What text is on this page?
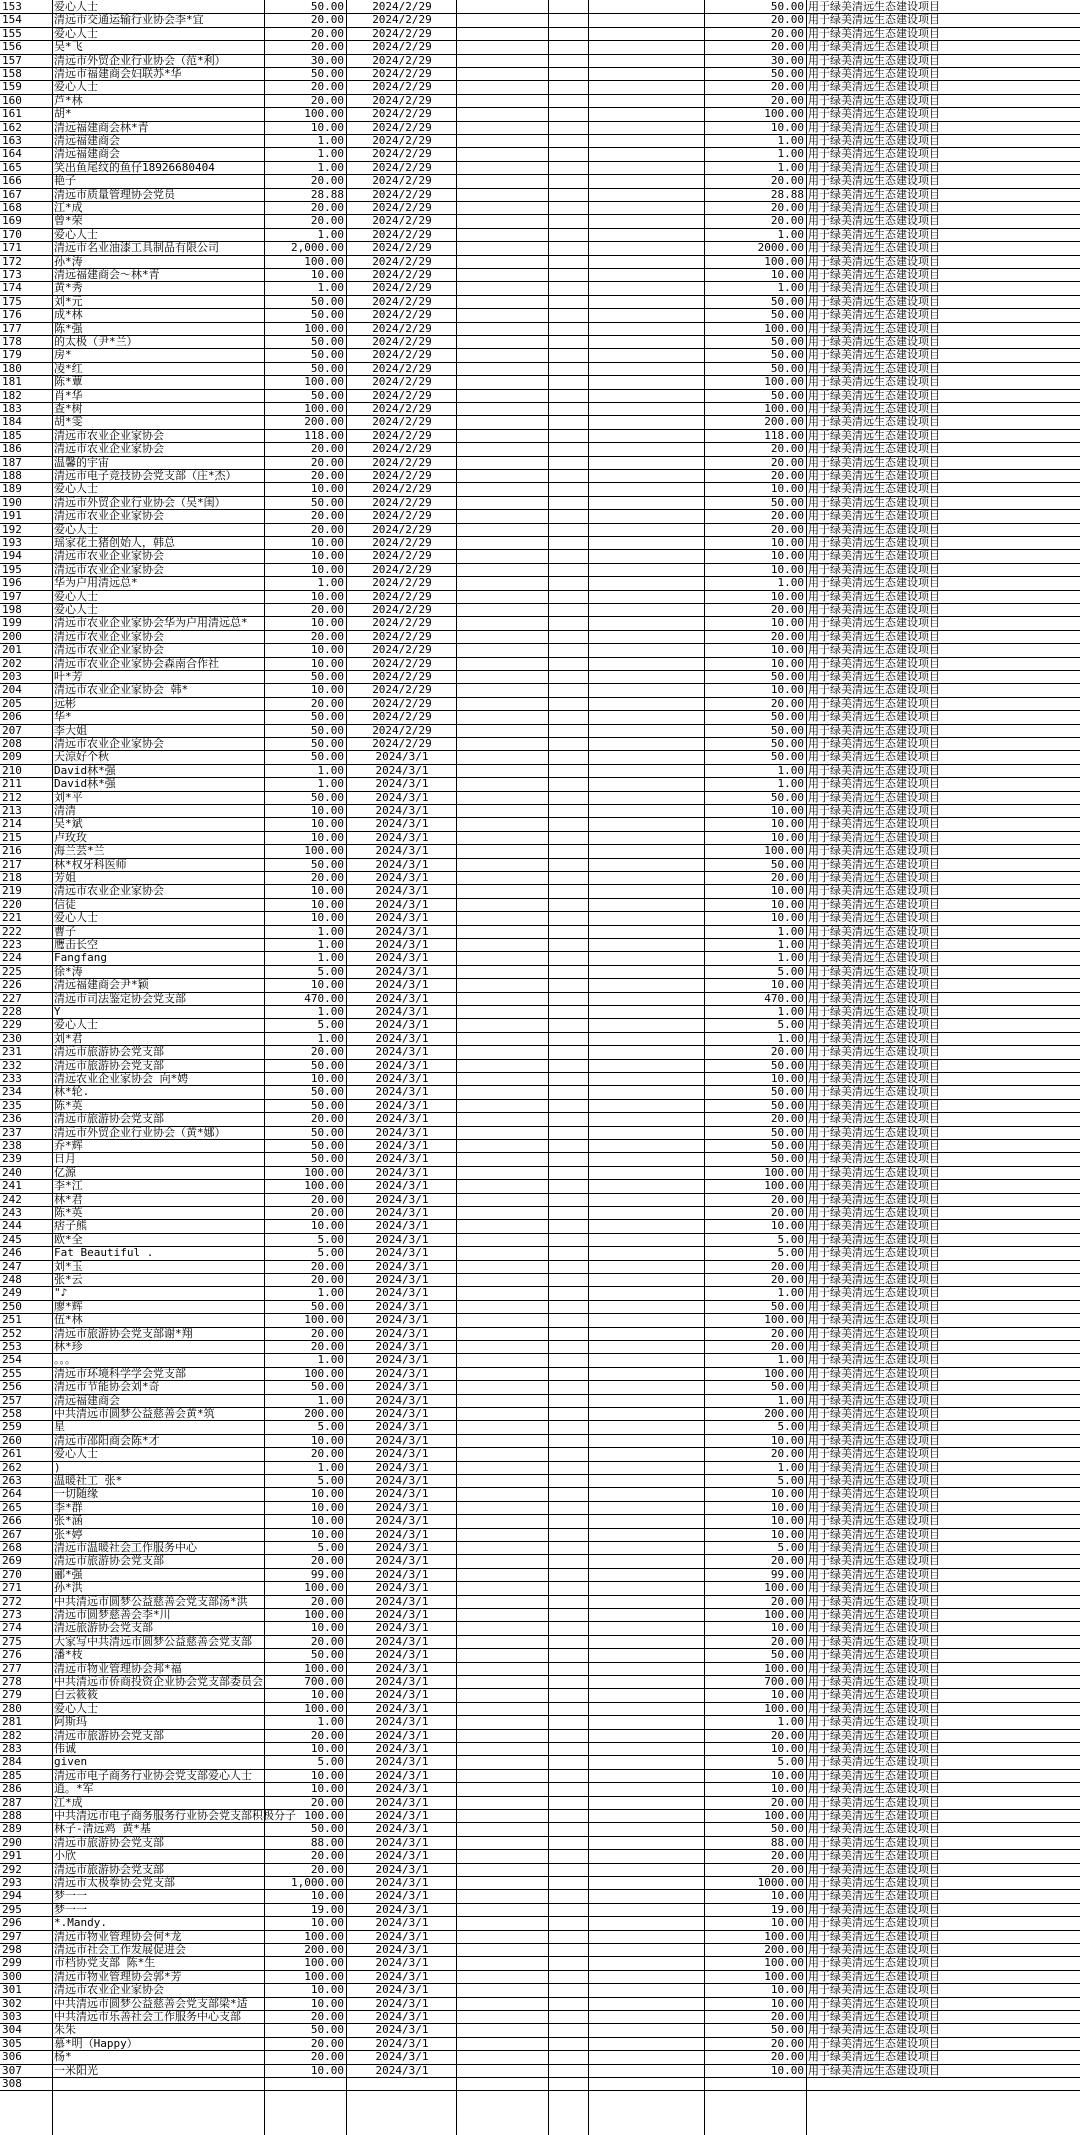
153	爱心人士	50.00	2024/2/29	50.00 用于绿美清远生态建设项目
154	清远市交通运输行业协会李*宜	20.00	2024/2/29	20.00 用于绿美清远生态建设项目
155	爱心人士	20.00	2024/2/29	20.00 用于绿美清远生态建设项目
156	吴*飞	20.00	2024/2/29	20.00 用于绿美清远生态建设项目
157	清远市外贸企业行业协会（范*利）	30.00	2024/2/29	30.00 用于绿美清远生态建设项目
158	清远市福建商会妇联苏*华	50.00	2024/2/29	50.00 用于绿美清远生态建设项目
159	爱心人士	20.00	2024/2/29	20.00 用于绿美清远生态建设项目
160	芦*林	20.00	2024/2/29	20.00 用于绿美清远生态建设项目
161	胡*	100.00	2024/2/29	100.00 用于绿美清远生态建设项目
162	清远福建商会林*青	10.00	2024/2/29	10.00 用于绿美清远生态建设项目
163	清远福建商会	1.00	2024/2/29	1.00 用于绿美清远生态建设项目
164	清远福建商会	1.00	2024/2/29	1.00 用于绿美清远生态建设项目
165	笑出鱼尾纹的鱼仔18926680404	1.00	2024/2/29	1.00 用于绿美清远生态建设项目
166	艳子	20.00	2024/2/29	20.00 用于绿美清远生态建设项目
167	清远市质量管理协会党员	28.88	2024/2/29	28.88 用于绿美清远生态建设项目
168	江*成	20.00	2024/2/29	20.00 用于绿美清远生态建设项目
169	曾*荣	20.00	2024/2/29	20.00 用于绿美清远生态建设项目
170	爱心人士	1.00	2024/2/29	1.00 用于绿美清远生态建设项目
171	清远市名业油漆工具制品有限公司	2,000.00	2024/2/29	2000.00 用于绿美清远生态建设项目
172	孙*涛	100.00	2024/2/29	100.00 用于绿美清远生态建设项目
173	清远福建商会～林*青	10.00	2024/2/29	10.00 用于绿美清远生态建设项目
174	黄*秀	1.00	2024/2/29	1.00 用于绿美清远生态建设项目
175	刘*元	50.00	2024/2/29	50.00 用于绿美清远生态建设项目
176	成*林	50.00	2024/2/29	50.00 用于绿美清远生态建设项目
177	陈*强	100.00	2024/2/29	100.00 用于绿美清远生态建设项目
178	的太极（尹*兰）	50.00	2024/2/29	50.00 用于绿美清远生态建设项目
179	房*	50.00	2024/2/29	50.00 用于绿美清远生态建设项目
180	凌*红	50.00	2024/2/29	50.00 用于绿美清远生态建设项目
181	陈*蕈	100.00	2024/2/29	100.00 用于绿美清远生态建设项目
182	肖*华	50.00	2024/2/29	50.00 用于绿美清远生态建设项目
183	查*树	100.00	2024/2/29	100.00 用于绿美清远生态建设项目
184	胡*雯	200.00	2024/2/29	200.00 用于绿美清远生态建设项目
185	清远市农业企业家协会	118.00	2024/2/29	118.00 用于绿美清远生态建设项目
186	清远市农业企业家协会	20.00	2024/2/29	20.00 用于绿美清远生态建设项目
187	温馨的宇宙	20.00	2024/2/29	20.00 用于绿美清远生态建设项目
188	清远市电子竞技协会党支部（庄*杰）	20.00	2024/2/29	20.00 用于绿美清远生态建设项目
189	爱心人士	10.00	2024/2/29	10.00 用于绿美清远生态建设项目
190	清远市外贸企业行业协会（吴*闺）	50.00	2024/2/29	50.00 用于绿美清远生态建设项目
191	清远市农业企业家协会	20.00	2024/2/29	20.00 用于绿美清远生态建设项目
192	爱心人士	20.00	2024/2/29	20.00 用于绿美清远生态建设项目
193	瑶家花土猪创始人，韩总	10.00	2024/2/29	10.00 用于绿美清远生态建设项目
194	清远市农业企业家协会	10.00	2024/2/29	10.00 用于绿美清远生态建设项目
195	清远市农业企业家协会	10.00	2024/2/29	10.00 用于绿美清远生态建设项目
196	华为户用清远总*	1.00	2024/2/29	1.00 用于绿美清远生态建设项目
197	爱心人士	10.00	2024/2/29	10.00 用于绿美清远生态建设项目
198	爱心人士	20.00	2024/2/29	20.00 用于绿美清远生态建设项目
199	清远市农业企业家协会华为户用清远总*	10.00	2024/2/29	10.00 用于绿美清远生态建设项目
200	清远市农业企业家协会	20.00	2024/2/29	20.00 用于绿美清远生态建设项目
201	清远市农业企业家协会	10.00	2024/2/29	10.00 用于绿美清远生态建设项目
202	清远市农业企业家协会森南合作社	10.00	2024/2/29	10.00 用于绿美清远生态建设项目
203	叶*芳	50.00	2024/2/29	50.00 用于绿美清远生态建设项目
204	清远市农业企业家协会 韩*	10.00	2024/2/29	10.00 用于绿美清远生态建设项目
205	远彬	20.00	2024/2/29	20.00 用于绿美清远生态建设项目
206	华*	50.00	2024/2/29	50.00 用于绿美清远生态建设项目
207	李大姐	50.00	2024/2/29	50.00 用于绿美清远生态建设项目
208	清远市农业企业家协会	50.00	2024/2/29	50.00 用于绿美清远生态建设项目
209	天涼好个秋	50.00	2024/3/1	50.00 用于绿美清远生态建设项目
210	David林*强	1.00	2024/3/1	1.00 用于绿美清远生态建设项目
211	David林*强	1.00	2024/3/1	1.00 用于绿美清远生态建设项目
212	刘*平	50.00	2024/3/1	50.00 用于绿美清远生态建设项目
213	清清	10.00	2024/3/1	10.00 用于绿美清远生态建设项目
214	吴*斌	10.00	2024/3/1	10.00 用于绿美清远生态建设项目
215	卢玫玫	10.00	2024/3/1	10.00 用于绿美清远生态建设项目
216	海兰芸*兰	100.00	2024/3/1	100.00 用于绿美清远生态建设项目
217	林*权牙科医师	50.00	2024/3/1	50.00 用于绿美清远生态建设项目
218	芳姐	20.00	2024/3/1	20.00 用于绿美清远生态建设项目
219	清远市农业企业家协会	10.00	2024/3/1	10.00 用于绿美清远生态建设项目
220	信徒	10.00	2024/3/1	10.00 用于绿美清远生态建设项目
221	爱心人士	10.00	2024/3/1	10.00 用于绿美清远生态建设项目
222	曹子	1.00	2024/3/1	1.00 用于绿美清远生态建设项目
223	鹰击长空	1.00	2024/3/1	1.00 用于绿美清远生态建设项目
224	Fangfang	1.00	2024/3/1	1.00 用于绿美清远生态建设项目
225	徐*涛	5.00	2024/3/1	5.00 用于绿美清远生态建设项目
226	清远福建商会尹*颖	10.00	2024/3/1	10.00 用于绿美清远生态建设项目
227	清远市司法鉴定协会党支部	470.00	2024/3/1	470.00 用于绿美清远生态建设项目
228	Y	1.00	2024/3/1	1.00 用于绿美清远生态建设项目
229	爱心人士	5.00	2024/3/1	5.00 用于绿美清远生态建设项目
230	刘*君	1.00	2024/3/1	1.00 用于绿美清远生态建设项目
231	清远市旅游协会党支部	20.00	2024/3/1	20.00 用于绿美清远生态建设项目
232	清远市旅游协会党支部	50.00	2024/3/1	50.00 用于绿美清远生态建设项目
233	清远农业企业家协会 向*娉	10.00	2024/3/1	10.00 用于绿美清远生态建设项目
234	林*轮.	50.00	2024/3/1	50.00 用于绿美清远生态建设项目
235	陈*英	50.00	2024/3/1	50.00 用于绿美清远生态建设项目
236	清远市旅游协会党支部	20.00	2024/3/1	20.00 用于绿美清远生态建设项目
237	清远市外贸企业行业协会（黄*娜）	50.00	2024/3/1	50.00 用于绿美清远生态建设项目
238	乔*辉	50.00	2024/3/1	50.00 用于绿美清远生态建设项目
239	日月	50.00	2024/3/1	50.00 用于绿美清远生态建设项目
240	亿源	100.00	2024/3/1	100.00 用于绿美清远生态建设项目
241	李*江	100.00	2024/3/1	100.00 用于绿美清远生态建设项目
242	林*君	20.00	2024/3/1	20.00 用于绿美清远生态建设项目
243	陈*英	20.00	2024/3/1	20.00 用于绿美清远生态建设项目
244	痞子熊	10.00	2024/3/1	10.00 用于绿美清远生态建设项目
245	欧*全	5.00	2024/3/1	5.00 用于绿美清远生态建设项目
246	Fat Beautiful .	5.00	2024/3/1	5.00 用于绿美清远生态建设项目
247	刘*玉	20.00	2024/3/1	20.00 用于绿美清远生态建设项目
248	张*云	20.00	2024/3/1	20.00 用于绿美清远生态建设项目
249	"♪	1.00	2024/3/1	1.00 用于绿美清远生态建设项目
250	廖*辉	50.00	2024/3/1	50.00 用于绿美清远生态建设项目
251	伍*林	100.00	2024/3/1	100.00 用于绿美清远生态建设项目
252	清远市旅游协会党支部谢*翔	20.00	2024/3/1	20.00 用于绿美清远生态建设项目
253	林*珍	20.00	2024/3/1	20.00 用于绿美清远生态建设项目
254	。。。	1.00	2024/3/1	1.00 用于绿美清远生态建设项目
255	清远市环境科学学会党支部	100.00	2024/3/1	100.00 用于绿美清远生态建设项目
256	清远市节能协会刘*奇	50.00	2024/3/1	50.00 用于绿美清远生态建设项目
257	清远福建商会	1.00	2024/3/1	1.00 用于绿美清远生态建设项目
258	中共清远市圆梦公益慈善会黄*筑	200.00	2024/3/1	200.00 用于绿美清远生态建设项目
259	星	5.00	2024/3/1	5.00 用于绿美清远生态建设项目
260	清远市邵阳商会陈*才	10.00	2024/3/1	10.00 用于绿美清远生态建设项目
261	爱心人士	20.00	2024/3/1	20.00 用于绿美清远生态建设项目
262	)	1.00	2024/3/1	1.00 用于绿美清远生态建设项目
263	温暖社工 张*	5.00	2024/3/1	5.00 用于绿美清远生态建设项目
264	一切随缘	10.00	2024/3/1	10.00 用于绿美清远生态建设项目
265	李*群	10.00	2024/3/1	10.00 用于绿美清远生态建设项目
266	张*涵	10.00	2024/3/1	10.00 用于绿美清远生态建设项目
267	张*婷	10.00	2024/3/1	10.00 用于绿美清远生态建设项目
268	清远市温暖社会工作服务中心	5.00	2024/3/1	5.00 用于绿美清远生态建设项目
269	清远市旅游协会党支部	20.00	2024/3/1	20.00 用于绿美清远生态建设项目
270	郦*强	99.00	2024/3/1	99.00 用于绿美清远生态建设项目
271	孙*洪	100.00	2024/3/1	100.00 用于绿美清远生态建设项目
272	中共清远市圆梦公益慈善会党支部汤*洪	20.00	2024/3/1	20.00 用于绿美清远生态建设项目
273	清远市圆梦慈善会李*川	100.00	2024/3/1	100.00 用于绿美清远生态建设项目
274	清远旅游协会党支部	10.00	2024/3/1	10.00 用于绿美清远生态建设项目
275	大家写中共清远市圆梦公益慈善会党支部	20.00	2024/3/1	20.00 用于绿美清远生态建设项目
276	潘*枝	50.00	2024/3/1	50.00 用于绿美清远生态建设项目
277	清远市物业管理协会邦*福	100.00	2024/3/1	100.00 用于绿美清远生态建设项目
278	中共清远市侨商投资企业协会党支部委员会	700.00	2024/3/1	700.00 用于绿美清远生态建设项目
279	白云筱筱	10.00	2024/3/1	10.00 用于绿美清远生态建设项目
280	爱心人士	100.00	2024/3/1	100.00 用于绿美清远生态建设项目
281	阿斯玛	1.00	2024/3/1	1.00 用于绿美清远生态建设项目
282	清远市旅游协会党支部	20.00	2024/3/1	20.00 用于绿美清远生态建设项目
283	伟诚	10.00	2024/3/1	10.00 用于绿美清远生态建设项目
284	given	5.00	2024/3/1	5.00 用于绿美清远生态建设项目
285	清远市电子商务行业协会党支部爱心人士	10.00	2024/3/1	10.00 用于绿美清远生态建设项目
286	逍。*军	10.00	2024/3/1	10.00 用于绿美清远生态建设项目
287	江*成	20.00	2024/3/1	20.00 用于绿美清远生态建设项目
288	中共清远市电子商务服务行业协会党支部积极分子 100.00	2024/3/1	100.00 用于绿美清远生态建设项目
289	林子-清远鸡 黄*基	50.00	2024/3/1	50.00 用于绿美清远生态建设项目
290	清远市旅游协会党支部	88.00	2024/3/1	88.00 用于绿美清远生态建设项目
291	小欣	20.00	2024/3/1	20.00 用于绿美清远生态建设项目
292	清远市旅游协会党支部	20.00	2024/3/1	20.00 用于绿美清远生态建设项目
293	清远市太极拳协会党支部	1,000.00	2024/3/1	1000.00 用于绿美清远生态建设项目
294	梦一一	10.00	2024/3/1	10.00 用于绿美清远生态建设项目
295	梦一一	19.00	2024/3/1	19.00 用于绿美清远生态建设项目
296	*.Mandy.	10.00	2024/3/1	10.00 用于绿美清远生态建设项目
297	清远市物业管理协会何*龙	100.00	2024/3/1	100.00 用于绿美清远生态建设项目
298	清远市社会工作发展促进会	200.00	2024/3/1	200.00 用于绿美清远生态建设项目
299	市档协党支部 陈*生	100.00	2024/3/1	100.00 用于绿美清远生态建设项目
300	清远市物业管理协会郭*芳	100.00	2024/3/1	100.00 用于绿美清远生态建设项目
301	清远市农业企业家协会	10.00	2024/3/1	10.00 用于绿美清远生态建设项目
302	中共清远市圆梦公益慈善会党支部梁*适	10.00	2024/3/1	10.00 用于绿美清远生态建设项目
303	中共清远市乐善社会工作服务中心支部	20.00	2024/3/1	20.00 用于绿美清远生态建设项目
304	朱朱	50.00	2024/3/1	50.00 用于绿美清远生态建设项目
305	慕*明（Happy）	20.00	2024/3/1	20.00 用于绿美清远生态建设项目
306	杨*	20.00	2024/3/1	20.00 用于绿美清远生态建设项目
307	一米阳光	10.00	2024/3/1	10.00 用于绿美清远生态建设项目
308
